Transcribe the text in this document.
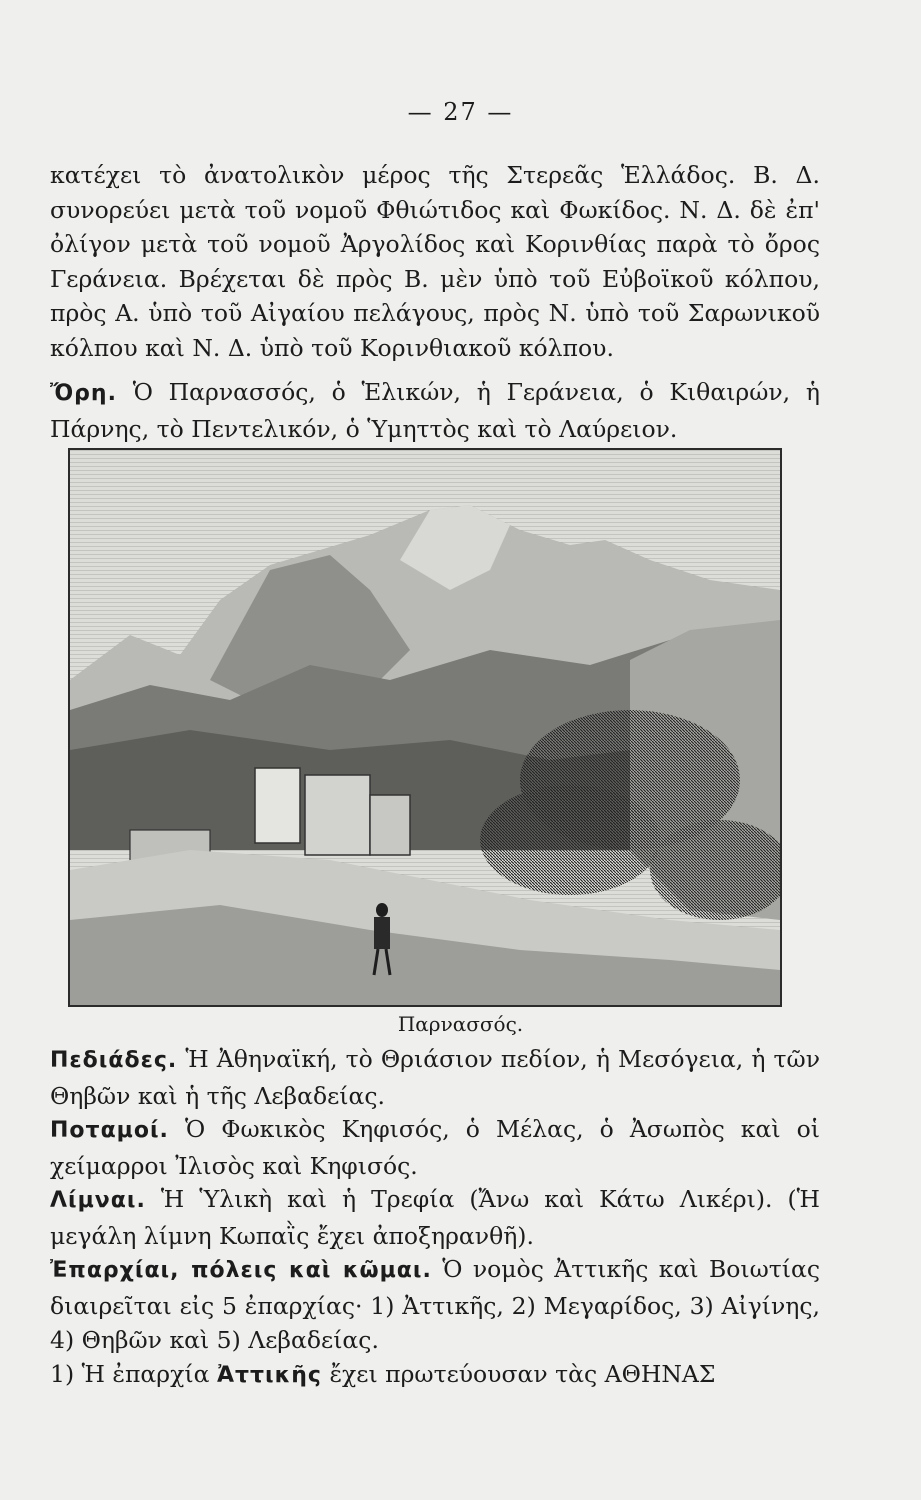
— 27 —

κατέχει τὸ ἀνατολικὸν μέρος τῆς Στερεᾶς Ἑλλάδος. Β. Δ. συνορεύει μετὰ τοῦ νομοῦ Φθιώτιδος καὶ Φωκίδος. Ν. Δ. δὲ ἐπ' ὀλίγον μετὰ τοῦ νομοῦ Ἀργολίδος καὶ Κορινθίας παρὰ τὸ ὄρος Γεράνεια. Βρέχεται δὲ πρὸς Β. μὲν ὑπὸ τοῦ Εὐβοϊκοῦ κόλπου, πρὸς Α. ὑπὸ τοῦ Αἰγαίου πελάγους, πρὸς Ν. ὑπὸ τοῦ Σαρωνικοῦ κόλπου καὶ Ν. Δ. ὑπὸ τοῦ Κορινθιακοῦ κόλπου.

Ὄρη. Ὁ Παρνασσός, ὁ Ἑλικών, ἡ Γεράνεια, ὁ Κιθαιρών, ἡ Πάρνης, τὸ Πεντελικόν, ὁ Ὑμηττὸς καὶ τὸ Λαύρειον.

Παρνασσός.

Πεδιάδες. Ἡ Ἀθηναϊκή, τὸ Θριάσιον πεδίον, ἡ Μεσόγεια, ἡ τῶν Θηβῶν καὶ ἡ τῆς Λεβαδείας.

Ποταμοί. Ὁ Φωκικὸς Κηφισός, ὁ Μέλας, ὁ Ἀσωπὸς καὶ οἱ χείμαρροι Ἰλισὸς καὶ Κηφισός.

Λίμναι. Ἡ Ὑλικὴ καὶ ἡ Τρεφία (Ἄνω καὶ Κάτω Λικέρι). (Ἡ μεγάλη λίμνη Κωπαῒς ἔχει ἀποξηρανθῆ).

Ἐπαρχίαι, πόλεις καὶ κῶμαι. Ὁ νομὸς Ἀττικῆς καὶ Βοιωτίας διαιρεῖται εἰς 5 ἐπαρχίας· 1) Ἀττικῆς, 2) Μεγαρίδος, 3) Αἰγίνης, 4) Θηβῶν καὶ 5) Λεβαδείας.

1) Ἡ ἐπαρχία Ἀττικῆς ἔχει πρωτεύουσαν τὰς ΑΘΗΝΑΣ
